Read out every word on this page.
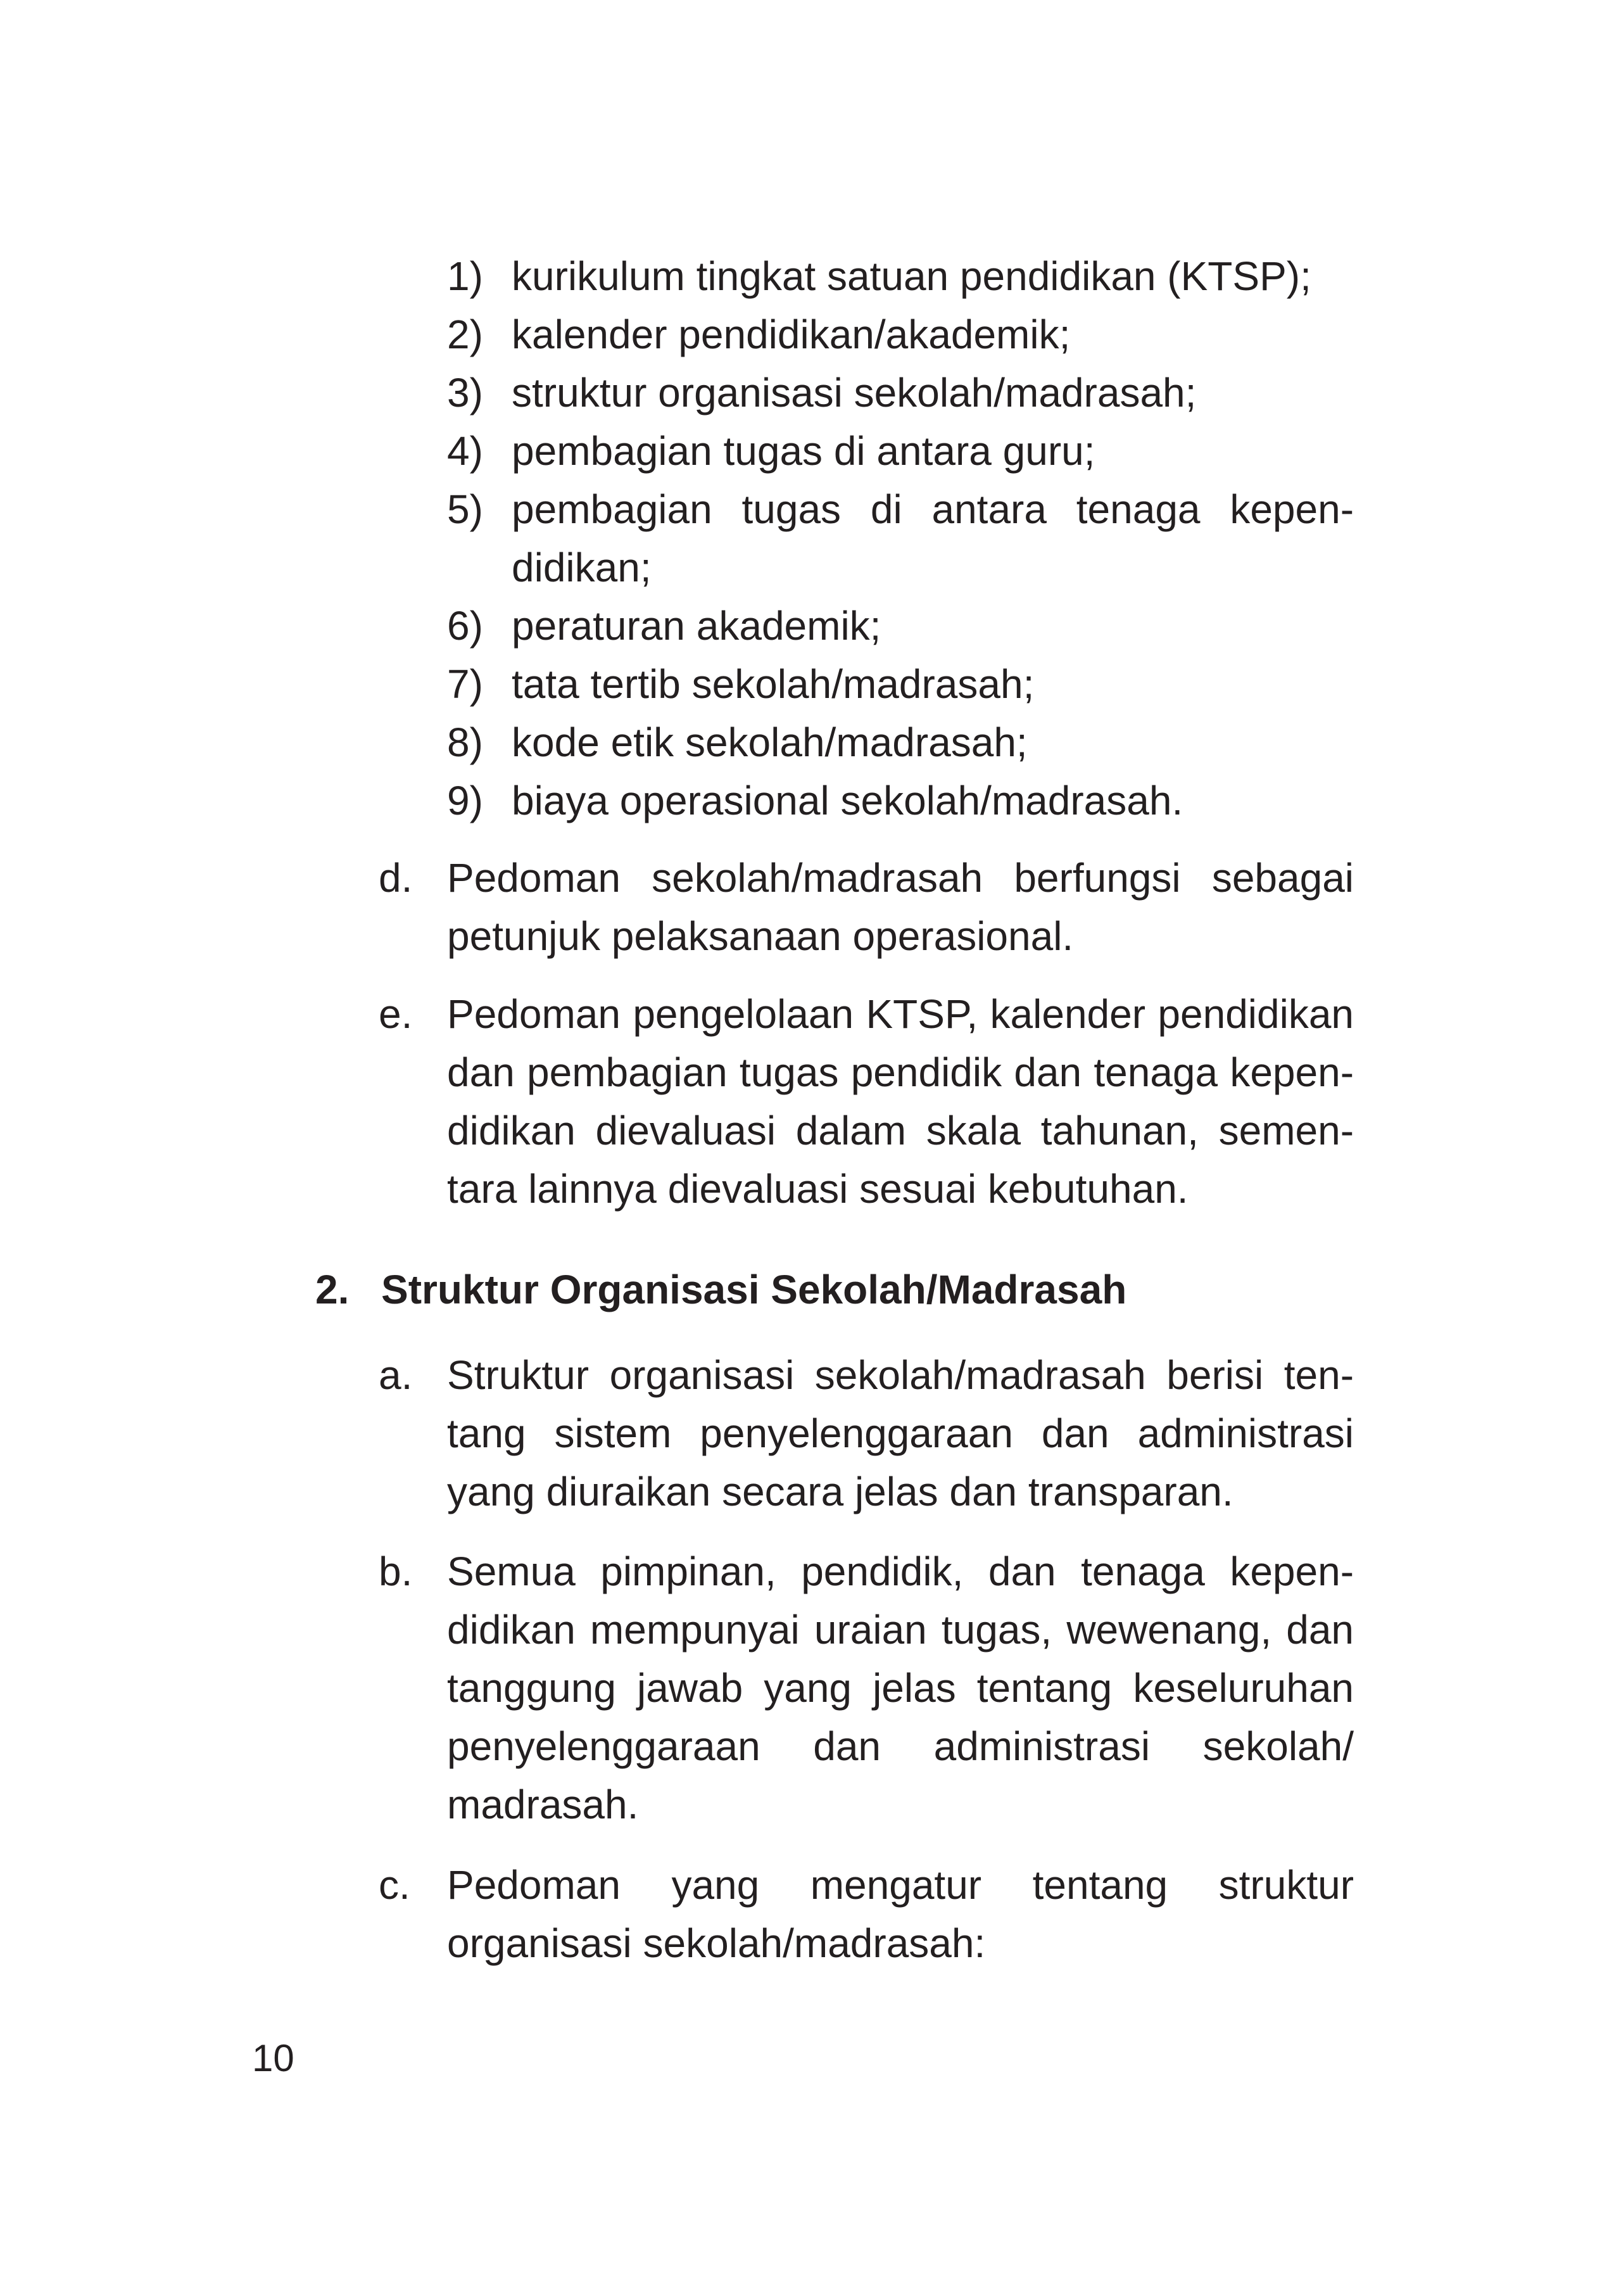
1) kurikulum tingkat satuan pendidikan (KTSP);
2) kalender pendidikan/akademik;
3) struktur organisasi sekolah/madrasah;
4) pembagian tugas di antara guru;
5) pembagian tugas di antara tenaga kepen-
didikan;
6) peraturan akademik;
7) tata tertib sekolah/madrasah;
8) kode etik sekolah/madrasah;
9) biaya operasional sekolah/madrasah.
d. Pedoman sekolah/madrasah berfungsi sebagai
petunjuk pelaksanaan operasional.
e. Pedoman pengelolaan KTSP, kalender pendidikan
dan pembagian tugas pendidik dan tenaga kepen-
didikan dievaluasi dalam skala tahunan, semen-
tara lainnya dievaluasi sesuai kebutuhan.
2. Struktur Organisasi Sekolah/Madrasah
a. Struktur organisasi sekolah/madrasah berisi ten-
tang sistem penyelenggaraan dan administrasi
yang diuraikan secara jelas dan transparan.
b. Semua pimpinan, pendidik, dan tenaga kepen-
didikan mempunyai uraian tugas, wewenang, dan
tanggung jawab yang jelas tentang keseluruhan
penyelenggaraan dan administrasi sekolah/
madrasah.
c. Pedoman yang mengatur tentang struktur
organisasi sekolah/madrasah:
10
